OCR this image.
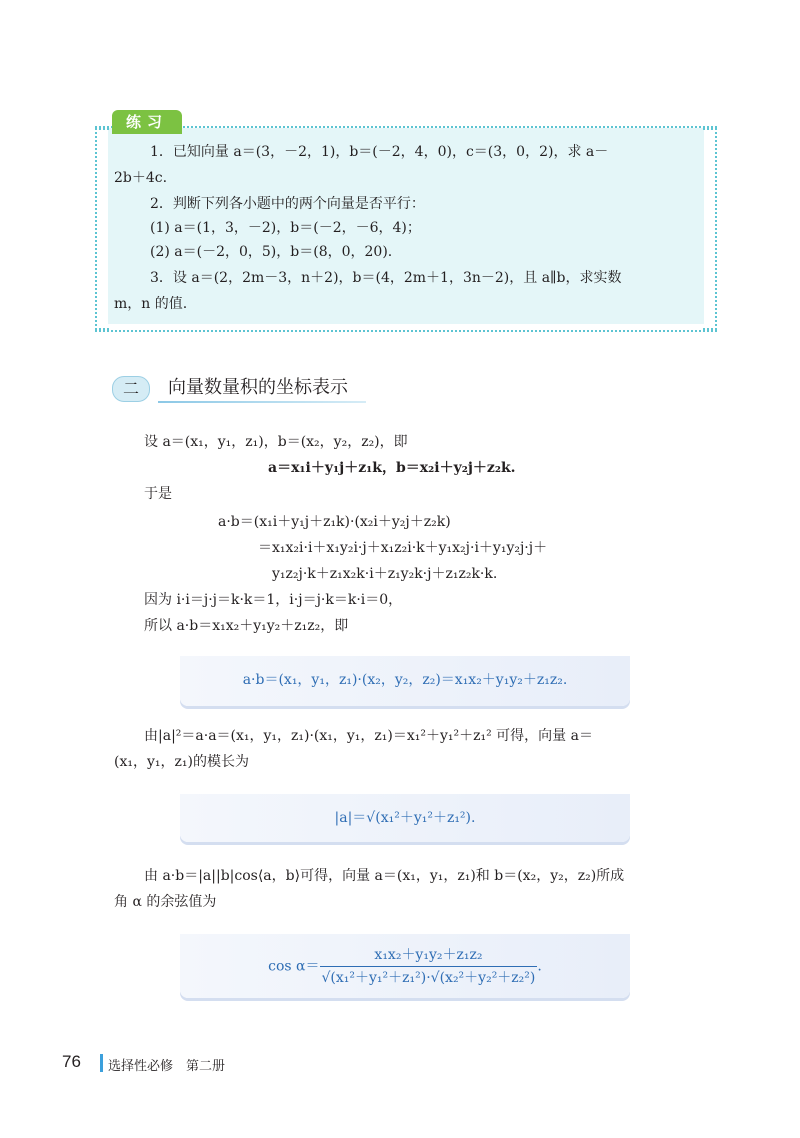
练习
1．已知向量 a＝(3，－2，1)，b＝(－2，4，0)，c＝(3，0，2)，求 a－
2b＋4c.
2．判断下列各小题中的两个向量是否平行：
(1) a＝(1，3，－2)，b＝(－2，－6，4)；
(2) a＝(－2，0，5)，b＝(8，0，20).
3．设 a＝(2，2m－3，n＋2)，b＝(4，2m＋1，3n－2)，且 a∥b，求实数
m，n 的值.
二	向量数量积的坐标表示
设 a＝(x₁，y₁，z₁)，b＝(x₂，y₂，z₂)，即
a＝x₁i＋y₁j＋z₁k，b＝x₂i＋y₂j＋z₂k.
于是
a·b＝(x₁i＋y₁j＋z₁k)·(x₂i＋y₂j＋z₂k)
＝x₁x₂i·i＋x₁y₂i·j＋x₁z₂i·k＋y₁x₂j·i＋y₁y₂j·j＋
y₁z₂j·k＋z₁x₂k·i＋z₁y₂k·j＋z₁z₂k·k.
因为 i·i＝j·j＝k·k＝1，i·j＝j·k＝k·i＝0，
所以 a·b＝x₁x₂＋y₁y₂＋z₁z₂，即
a·b＝(x₁，y₁，z₁)·(x₂，y₂，z₂)＝x₁x₂＋y₁y₂＋z₁z₂.
由|a|²＝a·a＝(x₁，y₁，z₁)·(x₁，y₁，z₁)＝x₁²＋y₁²＋z₁² 可得，向量 a＝
(x₁，y₁，z₁)的模长为
|a|＝√(x₁²＋y₁²＋z₁²).
由 a·b＝|a||b|cos⟨a，b⟩可得，向量 a＝(x₁，y₁，z₁)和 b＝(x₂，y₂，z₂)所成
角 α 的余弦值为
$\cos \alpha= \frac{\text{x₁x₂＋y₁y₂＋z₁z₂}}{\text{√(x₁²＋y₁²＋z₁²)·√(x₂²＋y₂²＋z₂²)}}$ .
76 选择性必修　第二册
